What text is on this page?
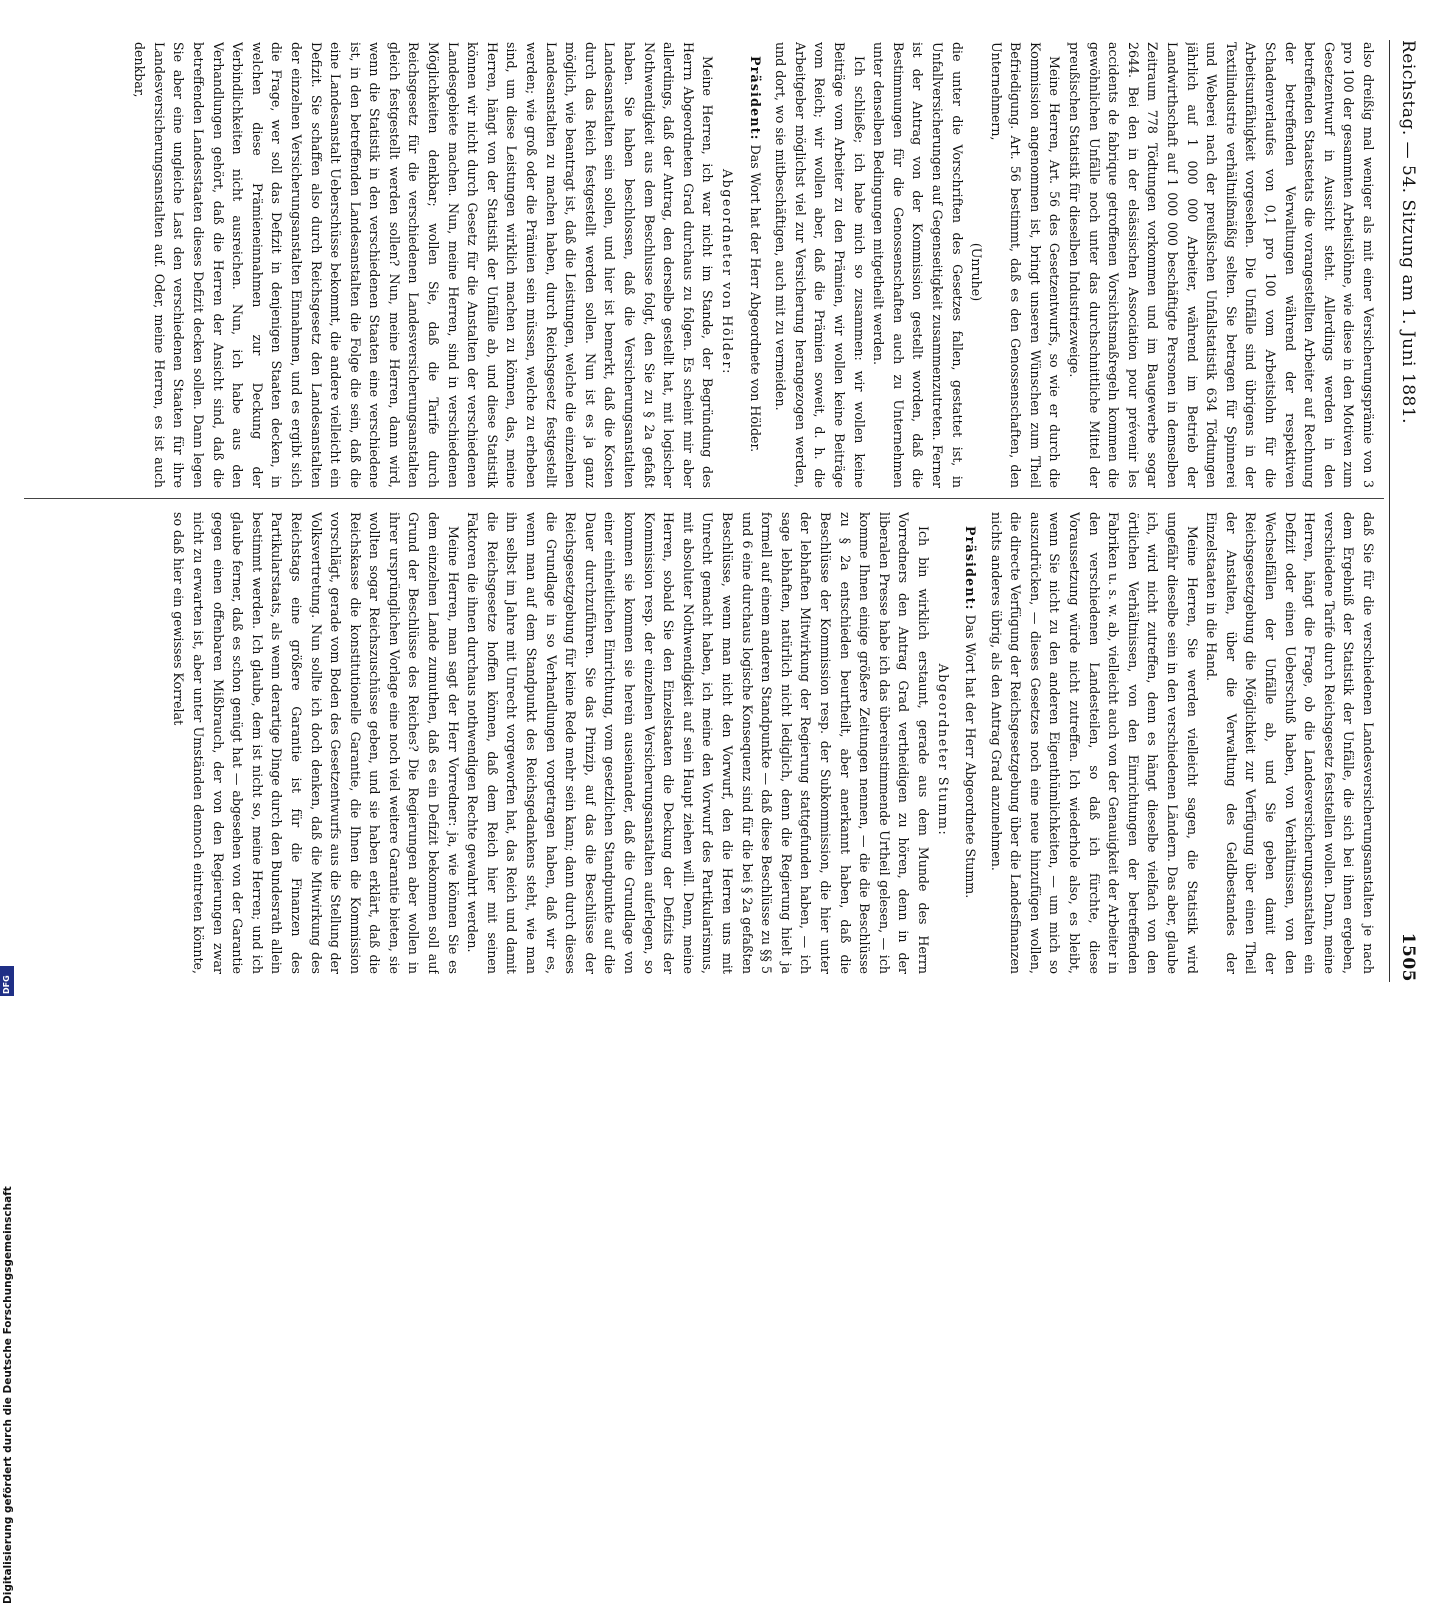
Reichstag. — 54. Sitzung am 1. Juni 1881.
1505

also dreißig mal weniger als mit einer Versicherungsprämie von 3 pro 100 der gesammten Arbeitslöhne, wie diese in den Motiven zum Gesetzentwurf in Aussicht steht. Allerdings werden in den betreffenden Staatsetats die vorangestellten Arbeiter auf Rechnung der betreffenden Verwaltungen während der respektiven Schadenverlaufes von 0,1 pro 100 vom Arbeitslohn für die Arbeitsunfähigkeit vorgesehen. Die Unfälle sind übrigens in der Textilindustrie verhältnißmäßig selten. Sie betragen für Spinnerei und Weberei nach der preußischen Unfallstatistik 634 Tödtungen jährlich auf 1 000 000 Arbeiter, während im Betrieb der Landwirthschaft auf 1 000 000 beschäftigte Personen in demselben Zeitraum 778 Tödtungen vorkommen und im Baugewerbe sogar 2644. Bei den in der elsässischen Association pour prévenir les accidents de fabrique getroffenen Vorsichtsmaßregeln kommen die gewöhnlichen Unfälle noch unter das durchschnittliche Mittel der preußischen Statistik für dieselben Industriezweige.

Meine Herren, Art. 56 des Gesetzentwurfs, so wie er durch die Kommission angenommen ist, bringt unseren Wünschen zum Theil Befriedigung. Art. 56 bestimmt, daß es den Genossenschaften, den Unternehmern,

(Unruhe)

die unter die Vorschriften des Gesetzes fallen, gestattet ist, in Unfallversicherungen auf Gegenseitigkeit zusammenzutreten. Ferner ist der Antrag von der Kommission gestellt worden, daß die Bestimmungen für die Genossenschaften auch zu Unternehmen unter denselben Bedingungen mitgetheilt werden.

Ich schließe; ich habe mich so zusammen: wir wollen keine Beiträge vom Arbeiter zu den Prämien, wir wollen keine Beiträge vom Reich; wir wollen aber, daß die Prämien soweit, d. h. die Arbeitgeber möglichst viel zur Versicherung herangezogen werden, und dort, wo sie mitbeschäftigen, auch mit zu vermeiden.

Präsident: Das Wort hat der Herr Abgeordnete von Hölder.

Abgeordneter von Hölder:

Meine Herren, ich war nicht im Stande, der Begründung des Herrn Abgeordneten Grad durchaus zu folgen. Es scheint mir aber allerdings, daß der Antrag, den derselbe gestellt hat, mit logischer Nothwendigkeit aus dem Beschlusse folgt, den Sie zu § 2a gefaßt haben. Sie haben beschlossen, daß die Versicherungsanstalten Landesanstalten sein sollen, und hier ist bemerkt, daß die Kosten durch das Reich festgestellt werden sollen. Nun ist es ja ganz möglich, wie beantragt ist, daß die Leistungen, welche die einzelnen Landesanstalten zu machen haben, durch Reichsgesetz festgestellt werden; wie groß oder die Prämien sein müssen, welche zu erheben sind, um diese Leistungen wirklich machen zu können, das, meine Herren, hängt von der Statistik der Unfälle ab, und diese Statistik können wir nicht durch Gesetz für die Anstalten der verschiedenen Landesgebiete machen. Nun, meine Herren, sind in verschiedenen Möglichkeiten denkbar; wollen Sie, daß die Tarife durch Reichsgesetz für die verschiedenen Landesversicherungsanstalten gleich festgestellt werden sollen? Nun, meine Herren, dann wird, wenn die Statistik in den verschiedenen Staaten eine verschiedene ist, in den betreffenden Landesanstalten die Folge die sein, daß die eine Landesanstalt Ueberschüsse bekommt, die andere vielleicht ein Defizit. Sie schaffen also durch Reichsgesetz den Landesanstalten der einzelnen Versicherungsanstalten Einnahmen, und es ergibt sich die Frage, wer soll das Defizit in denjenigen Staaten decken, in welchen diese Prämieneinnahmen zur Deckung der Verbindlichkeiten nicht ausreichen. Nun, ich habe aus den Verhandlungen gehört, daß die Herren der Ansicht sind, daß die betreffenden Landesstaaten dieses Defizit decken sollen. Dann legen Sie aber eine ungleiche Last den verschiedenen Staaten für ihre Landesversicherungsanstalten auf. Oder, meine Herren, es ist auch denkbar,

daß Sie für die verschiedenen Landesversicherungsanstalten je nach dem Ergebniß der Statistik der Unfälle, die sich bei ihnen ergeben, verschiedene Tarife durch Reichsgesetz feststellen wollen. Dann, meine Herren, hängt die Frage, ob die Landesversicherungsanstalten ein Defizit oder einen Ueberschuß haben, von Verhältnissen, von den Wechselfällen der Unfälle ab, und Sie geben damit der Reichsgesetzgebung die Möglichkeit zur Verfügung über einen Theil der Anstalten, über die Verwaltung des Geldbestandes der Einzelstaaten in die Hand.

Meine Herren, Sie werden vielleicht sagen, die Statistik wird ungefähr dieselbe sein in den verschiedenen Ländern. Das aber, glaube ich, wird nicht zutreffen, denn es hängt dieselbe vielfach von den örtlichen Verhältnissen, von den Einrichtungen der betreffenden Fabriken u. s. w. ab, vielleicht auch von der Genauigkeit der Arbeiter in den verschiedenen Landesteilen, so daß ich fürchte, diese Voraussetzung würde nicht zutreffen. Ich wiederhole also, es bleibt, wenn Sie nicht zu den anderen Eigenthümlichkeiten, — um mich so auszudrücken, — dieses Gesetzes noch eine neue hinzufügen wollen, die directe Verfügung der Reichsgesetzgebung über die Landesfinanzen nichts anderes übrig, als den Antrag Grad anzunehmen.

Präsident: Das Wort hat der Herr Abgeordnete Stumm.

Abgeordneter Stumm:

Ich bin wirklich erstaunt, gerade aus dem Munde des Herrn Vorredners den Antrag Grad vertheidigen zu hören, denn in der liberalen Presse habe ich das übereinstimmende Urtheil gelesen, — ich komme Ihnen einige größere Zeitungen nennen, — die die Beschlüsse zu § 2a entschieden beurtheilt, aber anerkannt haben, daß die Beschlüsse der Kommission resp. der Subkommission, die hier unter der lebhaften Mitwirkung der Regierung stattgefunden haben, — ich sage lebhaften, natürlich nicht lediglich, denn die Regierung hielt ja formell auf einem anderen Standpunkte — daß diese Beschlüsse zu §§ 5 und 6 eine durchaus logische Konsequenz sind für die bei § 2a gefaßten Beschlüsse, wenn man nicht den Vorwurf, den die Herren uns mit Unrecht gemacht haben, ich meine den Vorwurf des Partikularismus, mit absoluter Nothwendigkeit auf sein Haupt ziehen will. Denn, meine Herren, sobald Sie den Einzelstaaten die Deckung der Defizits der Kommission resp. der einzelnen Versicherungsanstalten auferlegen, so kommen sie kommen sie herein auseinander, daß die Grundlage von einer einheitlichen Einrichtung, vom gesetzlichen Standpunkte auf die Dauer durchzuführen. Sie das Prinzip, auf das die Beschlüsse der Reichsgesetzgebung für keine Rede mehr sein kann; dann durch dieses die Grundlage in so Verhandlungen vorgetragen haben, daß wir es, wenn man auf dem Standpunkt des Reichsgedankens steht, wie man ihn selbst im Jahre mit Unrecht vorgeworfen hat, das Reich und damit die Reichsgesetze hoffen können, daß dem Reich hier mit seinen Faktoren die ihnen durchaus nothwendigen Rechte gewahrt werden.

Meine Herren, man sagt der Herr Vorredner: ja, wie können Sie es dem einzelnen Lande zumuthen, daß es ein Defizit bekommen soll auf Grund der Beschlüsse des Reiches? Die Regierungen aber wollen in ihrer ursprünglichen Vorlage eine noch viel weitere Garantie bieten, sie wollten sogar Reichszuschüsse geben, und sie haben erklärt, daß die Reichskasse die konstitutionelle Garantie, die Ihnen die Kommission vorschlägt, gerade vom Boden des Gesetzentwurfs aus die Stellung der Volksvertretung. Nun sollte ich doch denken, daß die Mitwirkung des Reichstags eine größere Garantie ist für die Finanzen des Partikularstaats, als wenn derartige Dinge durch den Bundesrath allein bestimmt werden. Ich glaube, dem ist nicht so, meine Herren; und ich glaube ferner, daß es schon genügt hat — abgesehen von der Garantie gegen einen offenbaren Mißbrauch, der von den Regierungen zwar nicht zu erwarten ist, aber unter Umständen dennoch eintreten könnte, so daß hier ein gewisses Korrelat

Digitalisierung gefördert durch die Deutsche Forschungsgemeinschaft
DFG
